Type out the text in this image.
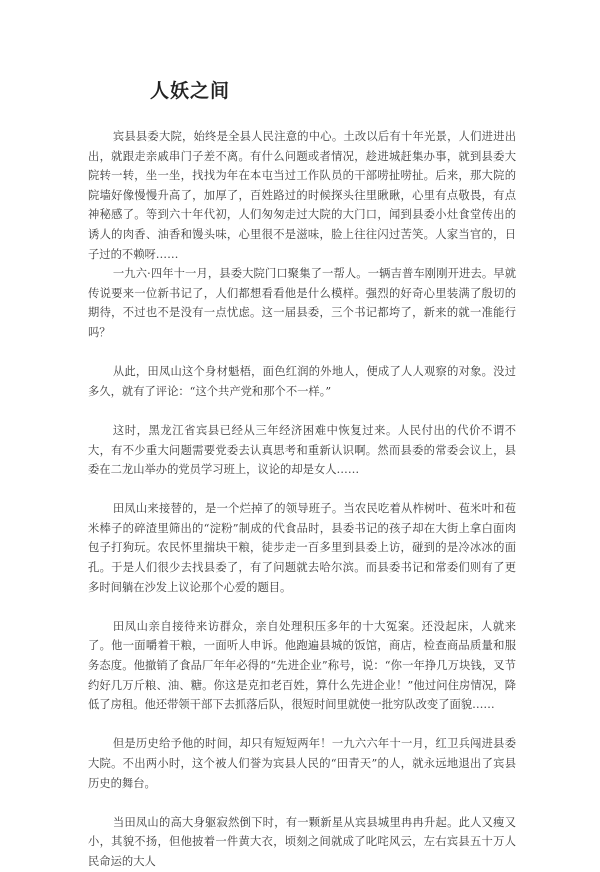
人妖之间

宾县县委大院，始终是全县人民注意的中心。土改以后有十年光景，人们进进出出，就跟走亲戚串门子差不离。有什么问题或者情况，趁进城赶集办事，就到县委大院转一转，坐一坐，找找为年在本屯当过工作队员的干部唠扯唠扯。后来，那大院的院墙好像慢慢升高了，加厚了，百姓路过的时候探头往里瞅瞅，心里有点敬畏，有点神秘感了。等到六十年代初，人们匆匆走过大院的大门口，闻到县委小灶食堂传出的诱人的肉香、油香和馒头味，心里很不是滋味，脸上往往闪过苦笑。人家当官的，日子过的不赖呀……

一九六·四年十一月，县委大院门口聚集了一帮人。一辆吉普车刚刚开进去。早就传说要来一位新书记了，人们都想看看他是什么模样。强烈的好奇心里装满了殷切的期待，不过也不是没有一点忧虑。这一届县委，三个书记都垮了，新来的就一准能行吗？

从此，田凤山这个身材魁梧，面色红润的外地人，便成了人人观察的对象。没过多久，就有了评论：“这个共产党和那个不一样。”

这时，黑龙江省宾县已经从三年经济困难中恢复过来。人民付出的代价不谓不大，有不少重大问题需要党委去认真思考和重新认识啊。然而县委的常委会议上，县委在二龙山举办的党员学习班上，议论的却是女人……

田凤山来接替的，是一个烂掉了的领导班子。当农民吃着从柞树叶、苞米叶和苞米棒子的碎渣里筛出的“淀粉”制成的代食品时，县委书记的孩子却在大街上拿白面肉包子打狗玩。农民怀里揣块干粮，徒步走一百多里到县委上访，碰到的是冷冰冰的面孔。于是人们很少去找县委了，有了问题就去哈尔滨。而县委书记和常委们则有了更多时间躺在沙发上议论那个心爱的题目。

田凤山亲自接待来访群众，亲自处理积压多年的十大冤案。还没起床，人就来了。他一面嚼着干粮，一面听人申诉。他跑遍县城的饭馆，商店，检查商品质量和服务态度。他撤销了食品厂年年必得的“先进企业”称号，说：“你一年挣几万块钱，叉节约好几万斤粮、油、糖。你这是克扣老百姓，算什么先进企业！”他过问住房情况，降低了房租。他还带领干部下去抓落后队，很短时间里就使一批穷队改变了面貌……

但是历史给予他的时间，却只有短短两年！一九六六年十一月，红卫兵闯进县委大院。不出两小时，这个被人们誉为宾县人民的“田青天”的人，就永远地退出了宾县历史的舞台。

当田凤山的高大身躯寂然倒下时，有一颗新星从宾县城里冉冉升起。此人又瘦又小，其貌不扬，但他披着一件黄大衣，顷刻之间就成了叱咤风云，左右宾县五十万人民命运的大人
